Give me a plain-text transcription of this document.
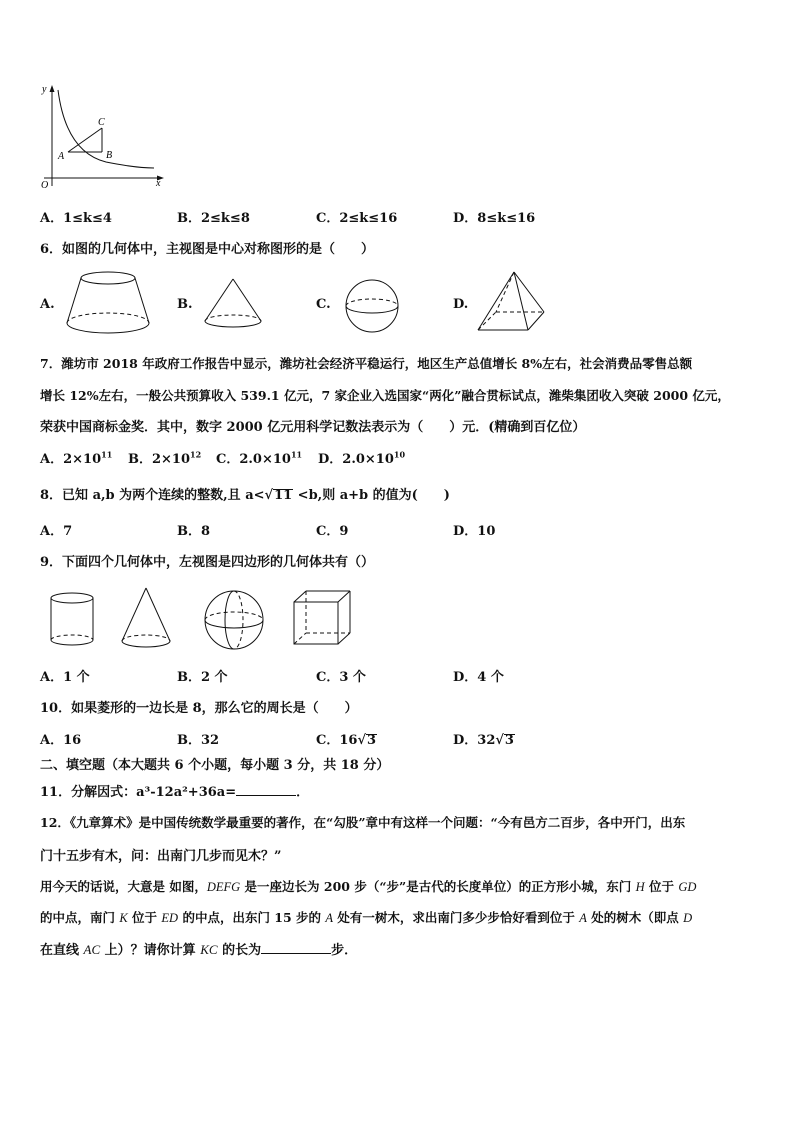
y
x
O
A	B
C
A．1≤k≤4	B．2≤k≤8	C．2≤k≤16	D．8≤k≤16
6．如图的几何体中，主视图是中心对称图形的是（　　）
A.	B.	C.	D.
7．潍坊市 2018 年政府工作报告中显示，潍坊社会经济平稳运行，地区生产总值增长 8%左右，社会消费品零售总额
增长 12%左右，一般公共预算收入 539.1 亿元，7 家企业入选国家“两化”融合贯标试点，潍柴集团收入突破 2000 亿元，
荣获中国商标金奖．其中，数字 2000 亿元用科学记数法表示为（　　）元．(精确到百亿位）
A．$2\times 10^{11}$ B．$2\times 10^{12}$ C．$2.0\times 10^{11}$ D．$2.0\times 10^{10}$
8．已知 a,b 为两个连续的整数,且 a<√11 <b,则 a+b 的值为(　　)
A．7	B．8	C．9	D．10
9．下面四个几何体中，左视图是四边形的几何体共有（）
A．1 个	B．2 个	C．3 个	D．4 个
10．如果菱形的一边长是 8，那么它的周长是（　　）
A．16	B．32	C．16√3	D．32√3
二、填空题（本大题共 6 个小题，每小题 3 分，共 18 分）
11．分解因式：a³-12a²+36a=	．
12．《九章算术》是中国传统数学最重要的著作，在“勾股”章中有这样一个问题：“今有邑方二百步，各中开门，出东
门十五步有木，问：出南门几步而见木？”
用今天的话说，大意是 如图，DEFG 是一座边长为 200 步（“步”是古代的长度单位）的正方形小城，东门 H 位于 GD
的中点，南门 K 位于 ED 的中点，出东门 15 步的 A 处有一树木，求出南门多少步恰好看到位于 A 处的树木（即点 D
在直线 AC 上）？请你计算 KC 的长为	步．
